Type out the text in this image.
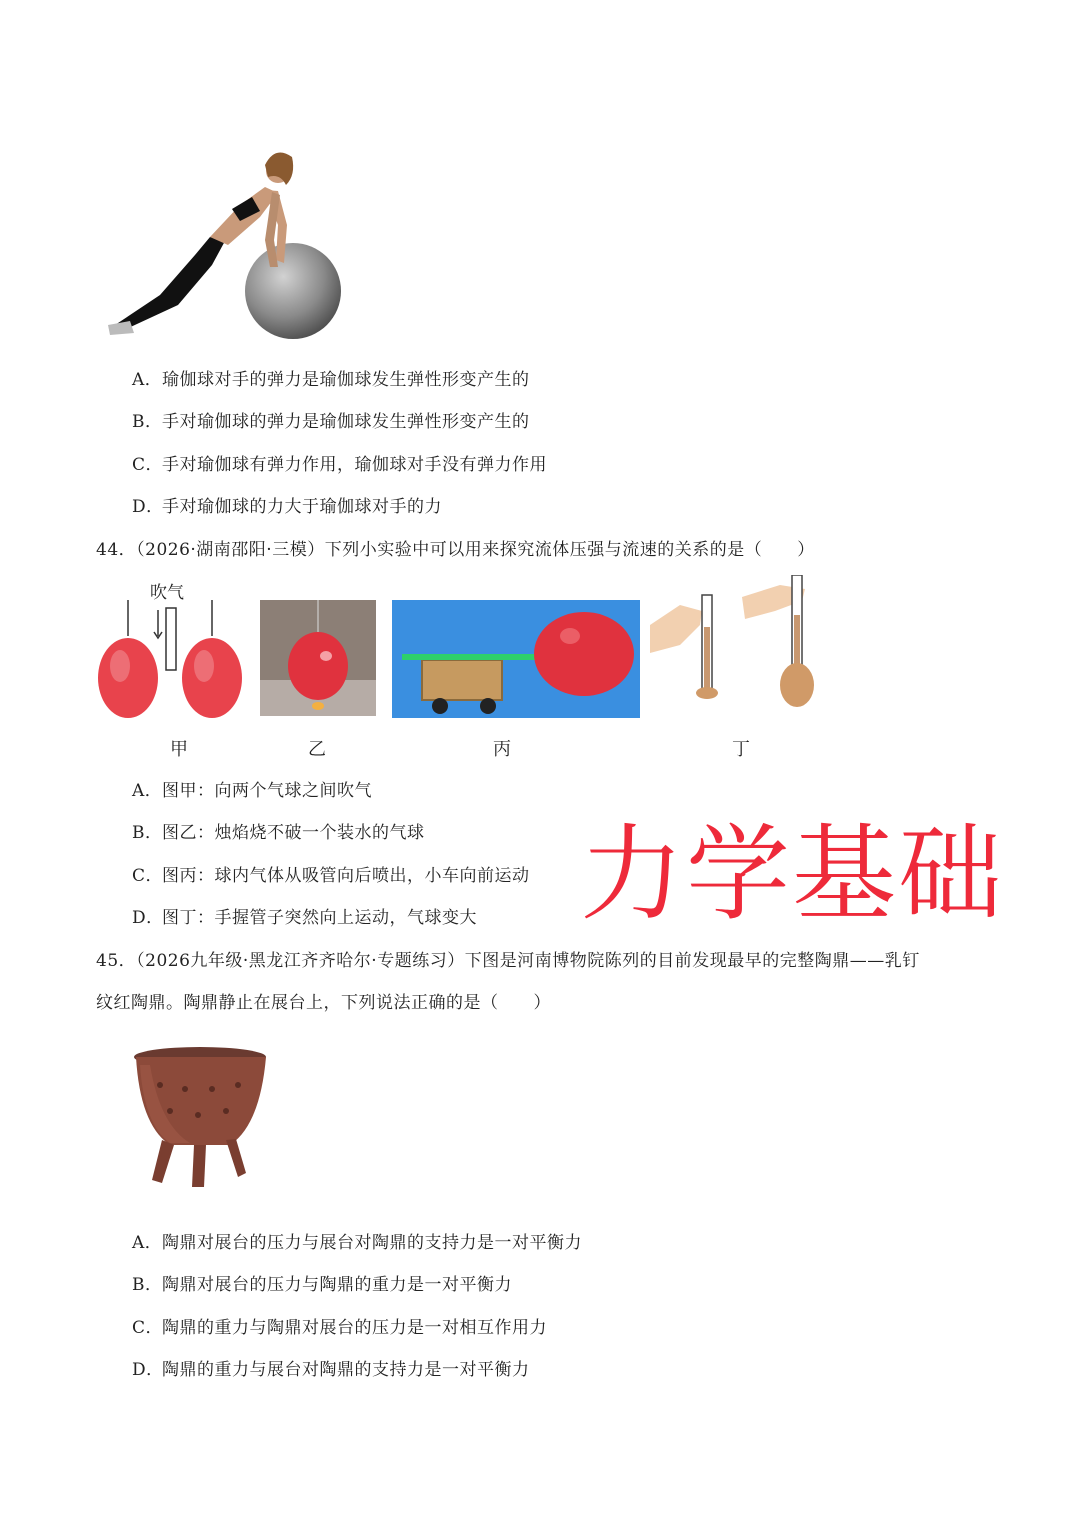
A．瑜伽球对手的弹力是瑜伽球发生弹性形变产生的
B．手对瑜伽球的弹力是瑜伽球发生弹性形变产生的
C．手对瑜伽球有弹力作用，瑜伽球对手没有弹力作用
D．手对瑜伽球的力大于瑜伽球对手的力
44．（2026·湖南邵阳·三模）下列小实验中可以用来探究流体压强与流速的关系的是（　　）
吹气
甲	乙	丙	丁
A．图甲：向两个气球之间吹气
B．图乙：烛焰烧不破一个装水的气球
C．图丙：球内气体从吸管向后喷出，小车向前运动
D．图丁：手握管子突然向上运动，气球变大 力学基础
45．（2026九年级·黑龙江齐齐哈尔·专题练习）下图是河南博物院陈列的目前发现最早的完整陶鼎——乳钉
纹红陶鼎。陶鼎静止在展台上，下列说法正确的是（　　）
A．陶鼎对展台的压力与展台对陶鼎的支持力是一对平衡力
B．陶鼎对展台的压力与陶鼎的重力是一对平衡力
C．陶鼎的重力与陶鼎对展台的压力是一对相互作用力
D．陶鼎的重力与展台对陶鼎的支持力是一对平衡力
